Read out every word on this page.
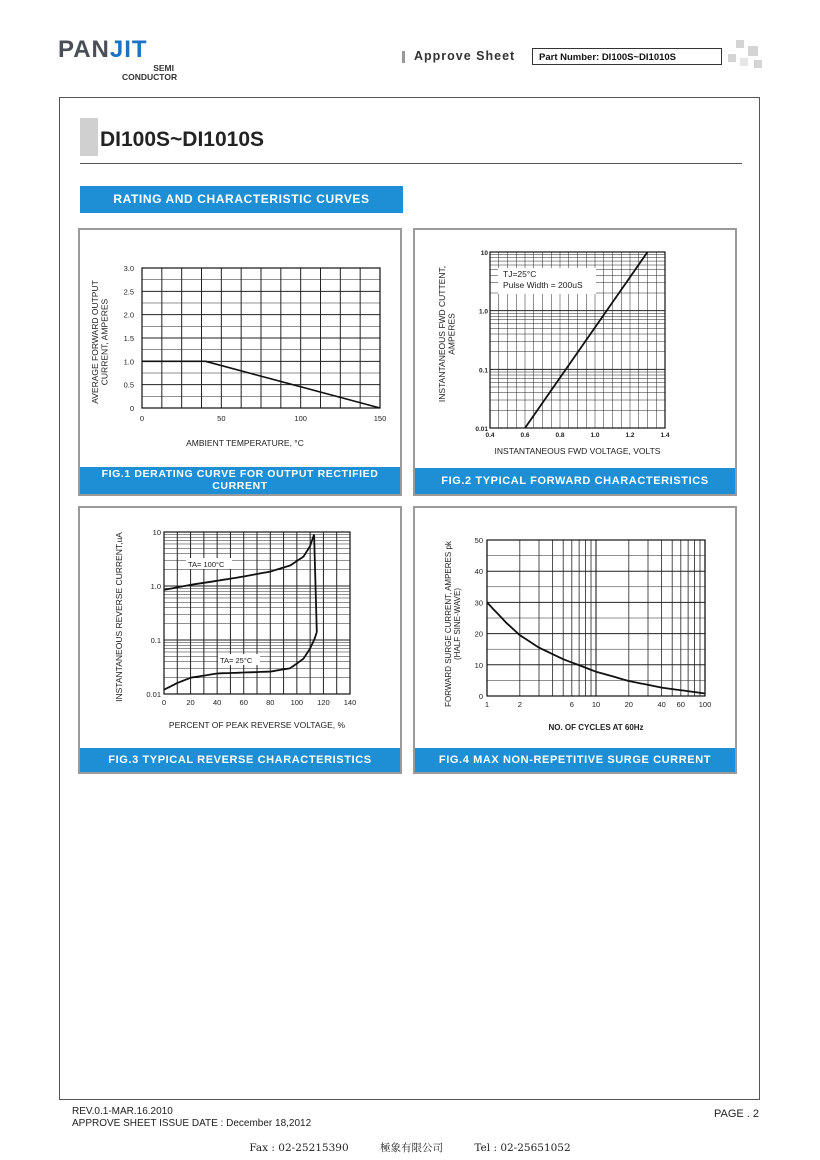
PANJIT
SEMI
CONDUCTOR
Approve Sheet	Part Number: DI100S~DI1010S
DI100S~DI1010S
RATING AND CHARACTERISTIC CURVES
0	50	100	150
0
0.5
1.0
1.5
2.0
2.5
3.0
AMBIENT TEMPERATURE, °C
AVERAGE FORWARD OUTPUTCURRENT, AMPERES
FIG.1 DERATING CURVE FOR OUTPUT RECTIFIED CURRENT
TJ=25°C
Pulse Width = 200uS
0.4	0.6	0.8	1.0	1.2	1.4
0.01
0.1
1.0
10
INSTANTANEOUS FWD VOLTAGE, VOLTS
INSTANTANEOUS FWD CUTTENT,AMPERES
FIG.2 TYPICAL FORWARD CHARACTERISTICS
TA= 100°C
TA= 25°C
0	20 40 60 80 100 120 140
0.01
0.1
1.0
10
PERCENT OF PEAK REVERSE VOLTAGE, %
INSTANTANEOUS REVERSE CURRENT,uA
FIG.3 TYPICAL REVERSE CHARACTERISTICS
1	2	6 10	20	40 60 100
0
10
20
30
40
50
NO. OF CYCLES AT 60Hz
FORWARD SURGE CURRENT, AMPERES pk(HALF SINE-WAVE)
FIG.4 MAX NON-REPETITIVE SURGE CURRENT
REV.0.1-MAR.16.2010
APPROVE SHEET ISSUE DATE : December 18,2012
PAGE . 2
Fax : 02-25215390	極象有限公司	Tel : 02-25651052
